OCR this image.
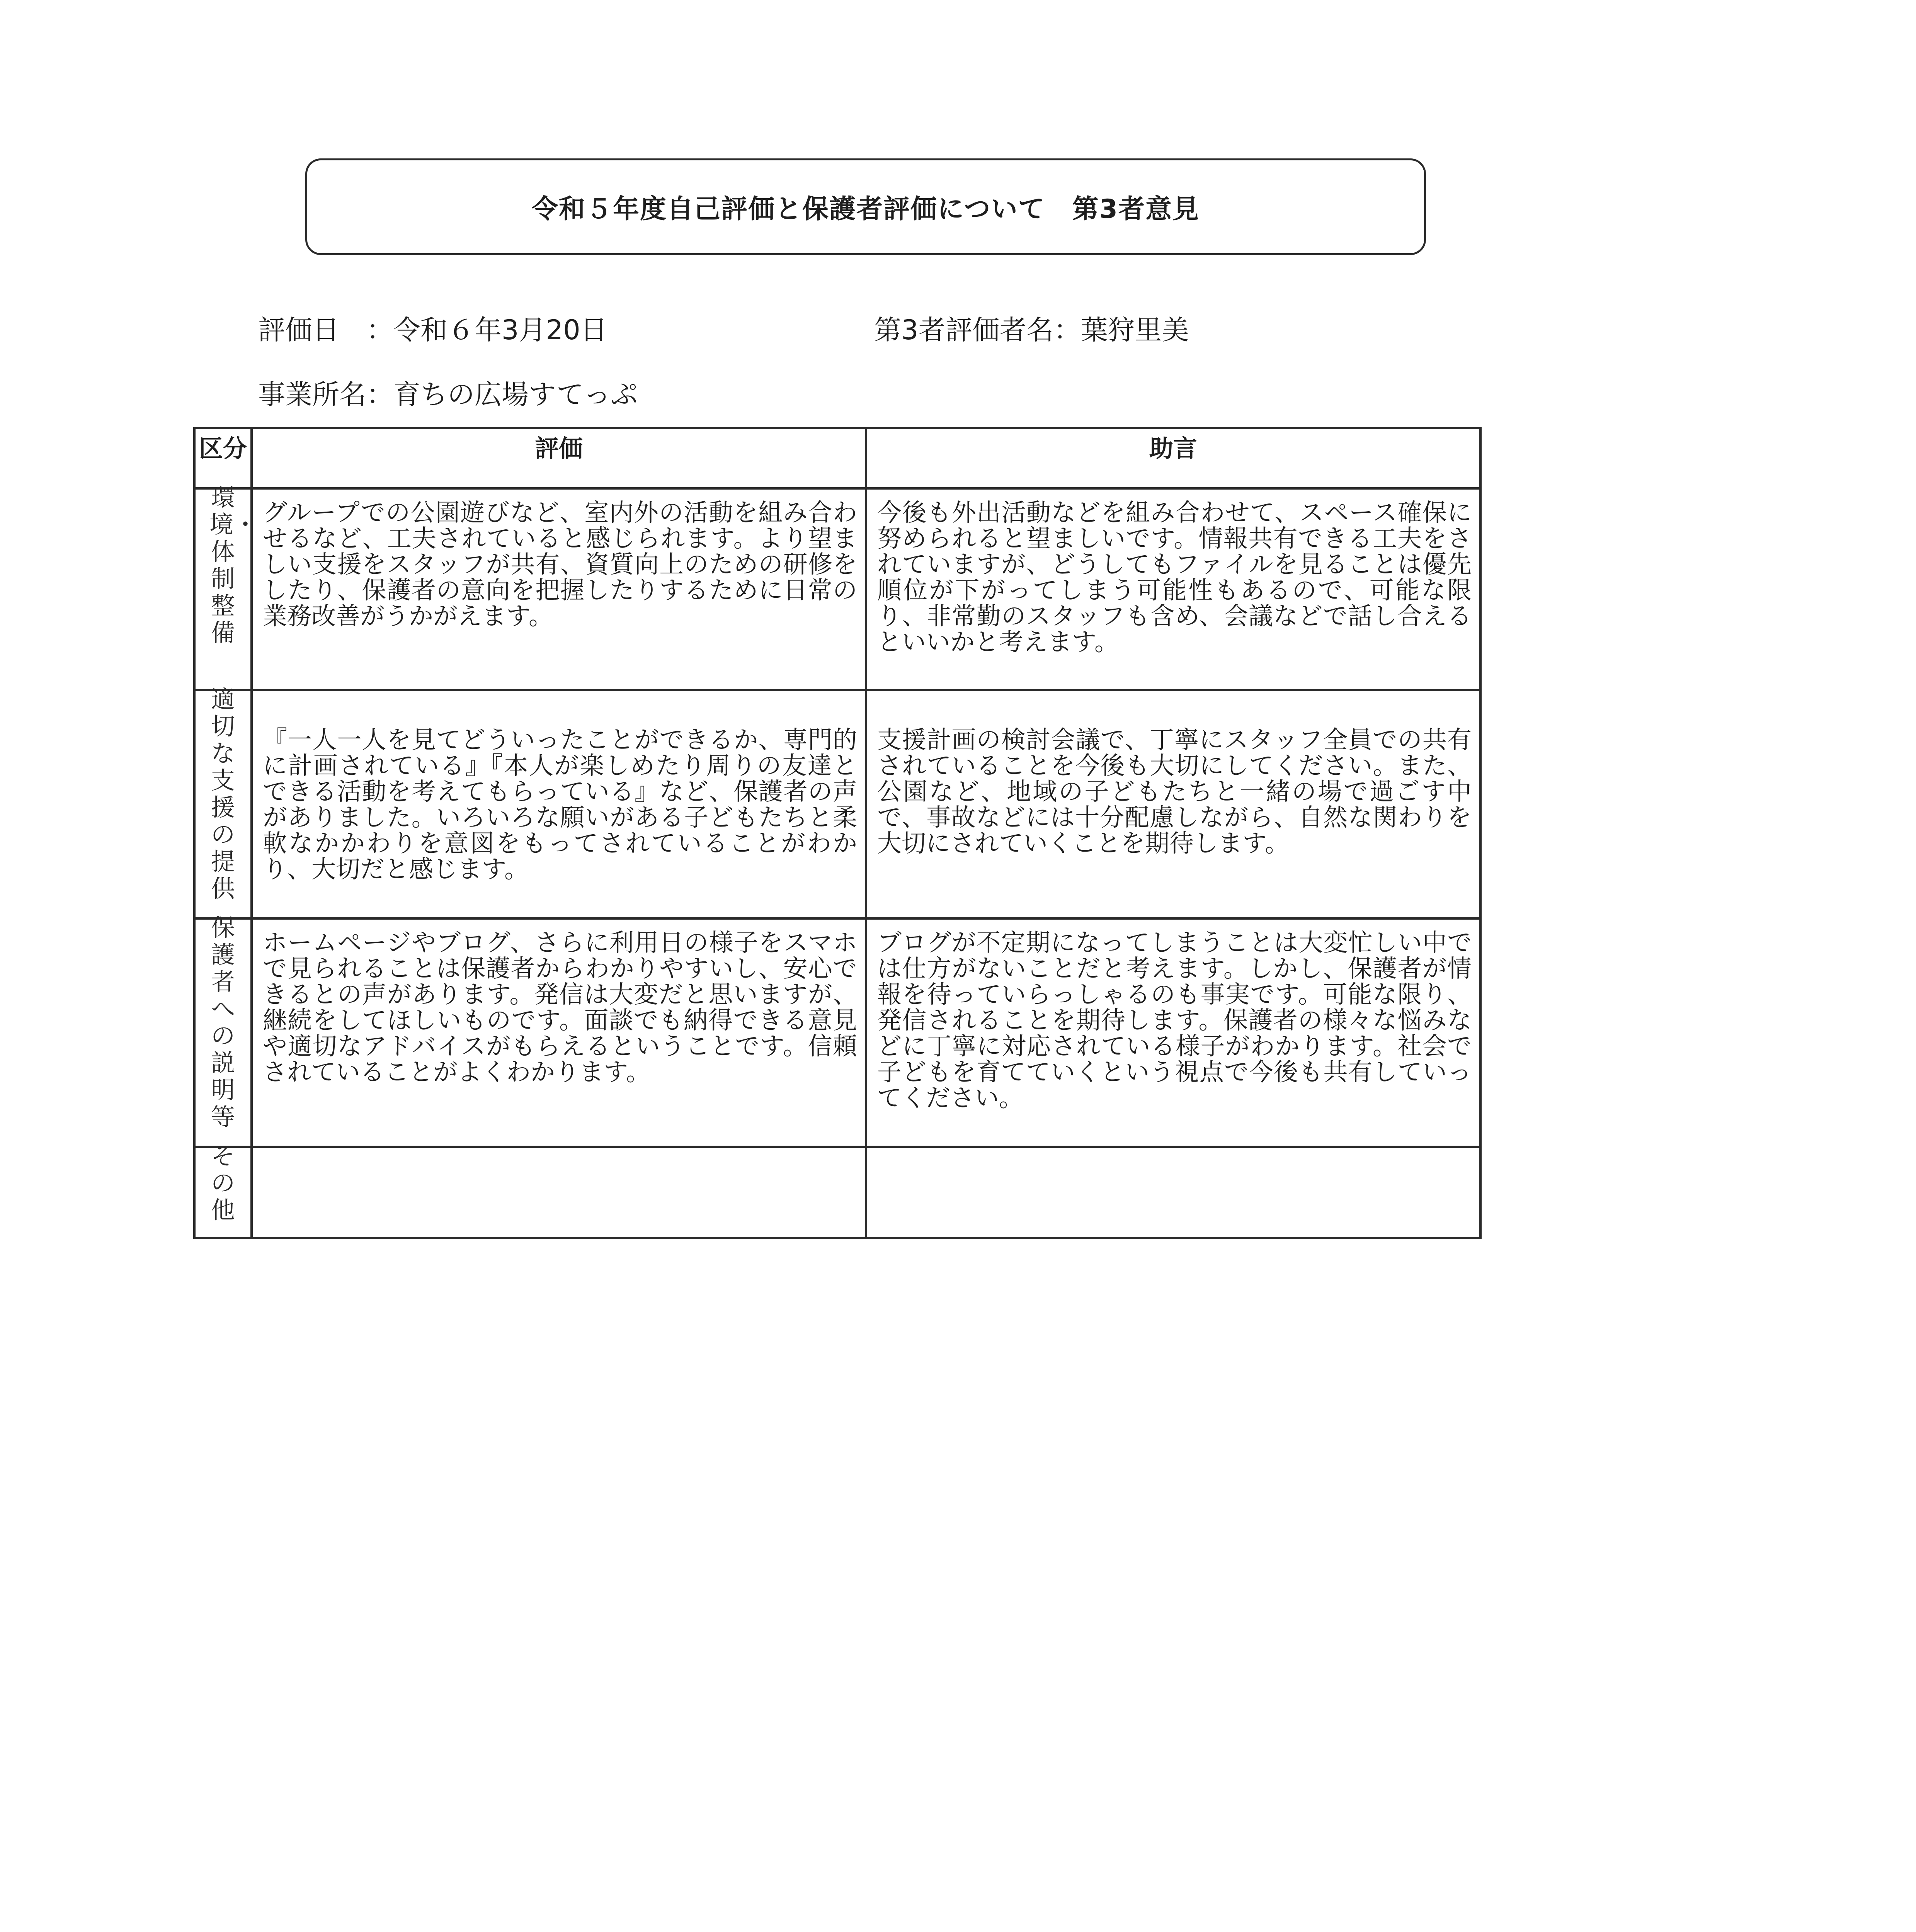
令和５年度自己評価と保護者評価について　第3者意見
評価日　：令和６年3月20日	第3者評価者名：葉狩里美
事業所名：育ちの広場すてっぷ
区分	評価	助言
環境・体制整備	グループでの公園遊びなど、室内外の活動を組み合わせるなど、工夫されていると感じられます。より望ましい支援をスタッフが共有、資質向上のための研修をしたり、保護者の意向を把握したりするために日常の業務改善がうかがえます。	今後も外出活動などを組み合わせて、スペース確保に努められると望ましいです。情報共有できる工夫をされていますが、どうしてもファイルを見ることは優先順位が下がってしまう可能性もあるので、可能な限り、非常勤のスタッフも含め、会議などで話し合えるといいかと考えます。

適切な支援の提供	『一人一人を見てどういったことができるか、専門的に計画されている』『本人が楽しめたり周りの友達とできる活動を考えてもらっている』など、保護者の声がありました。いろいろな願いがある子どもたちと柔軟なかかわりを意図をもってされていることがわかり、大切だと感じます。	支援計画の検討会議で、丁寧にスタッフ全員での共有されていることを今後も大切にしてください。また、公園など、地域の子どもたちと一緒の場で過ごす中で、事故などには十分配慮しながら、自然な関わりを大切にされていくことを期待します。

保護者への説明等	ホームページやブログ、さらに利用日の様子をスマホで見られることは保護者からわかりやすいし、安心できるとの声があります。発信は大変だと思いますが、継続をしてほしいものです。面談でも納得できる意見や適切なアドバイスがもらえるということです。信頼されていることがよくわかります。	ブログが不定期になってしまうことは大変忙しい中では仕方がないことだと考えます。しかし、保護者が情報を待っていらっしゃるのも事実です。可能な限り、発信されることを期待します。保護者の様々な悩みなどに丁寧に対応されている様子がわかります。社会で子どもを育てていくという視点で今後も共有していってください。

その他	
